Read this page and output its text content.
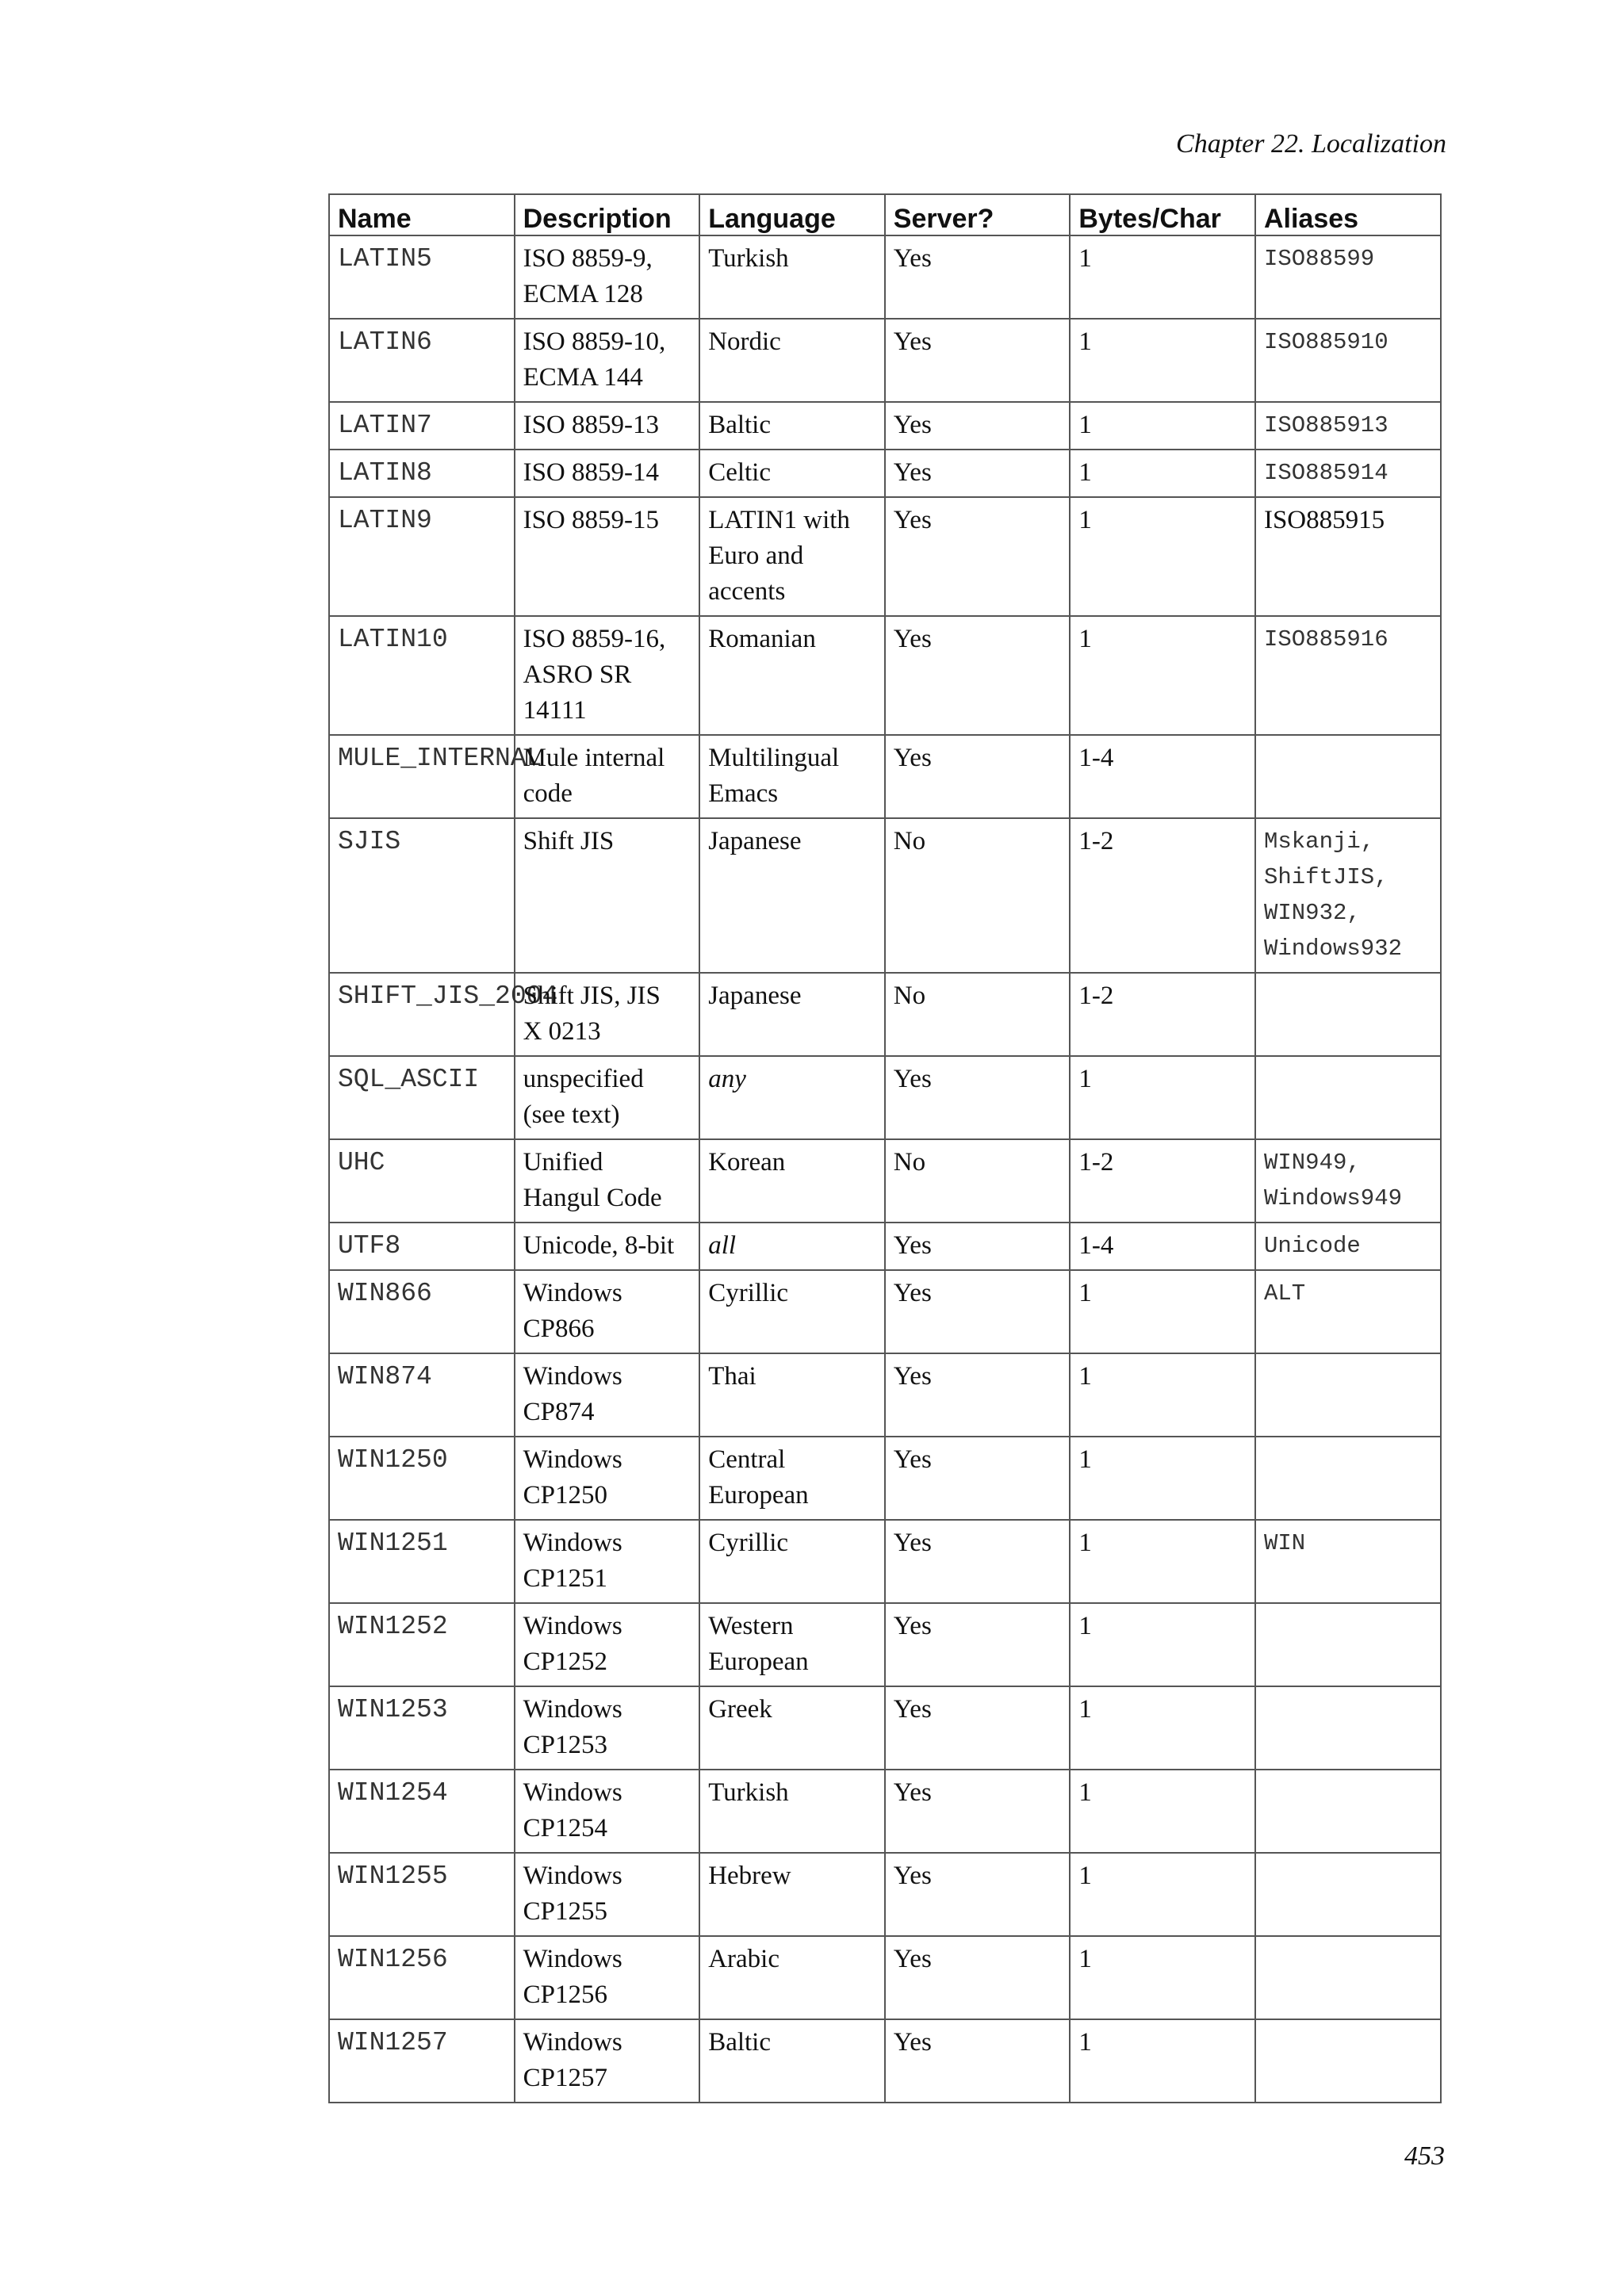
Chapter 22. Localization
Name	Description	Language	Server?	Bytes/Char	Aliases
LATIN5	ISO 8859-9,
ECMA 128	Turkish	Yes	1	ISO88599

LATIN6	ISO 8859-10,
ECMA 144	Nordic	Yes	1	ISO885910

LATIN7	ISO 8859-13	Baltic	Yes	1	ISO885913

LATIN8	ISO 8859-14	Celtic	Yes	1	ISO885914

LATIN9	ISO 8859-15	LATIN1 with
Euro and
accents	Yes	1	ISO885915

LATIN10	ISO 8859-16,
ASRO SR
14111	Romanian	Yes	1	ISO885916

MULE_INTERNAL	Mule internal
code	Multilingual
Emacs	Yes	1-4	
SJIS	Shift JIS	Japanese	No	1-2	Mskanji,
ShiftJIS,
WIN932,
Windows932

SHIFT_JIS_2004	Shift JIS, JIS
X 0213	Japanese	No	1-2	
SQL_ASCII	unspecified
(see text)	any	Yes	1	
UHC	Unified
Hangul Code	Korean	No	1-2	WIN949,
Windows949

UTF8	Unicode, 8-bit	all	Yes	1-4	Unicode

WIN866	Windows
CP866	Cyrillic	Yes	1	ALT

WIN874	Windows
CP874	Thai	Yes	1	
WIN1250	Windows
CP1250	Central
European	Yes	1	
WIN1251	Windows
CP1251	Cyrillic	Yes	1	WIN

WIN1252	Windows
CP1252	Western
European	Yes	1	
WIN1253	Windows
CP1253	Greek	Yes	1	
WIN1254	Windows
CP1254	Turkish	Yes	1	
WIN1255	Windows
CP1255	Hebrew	Yes	1	
WIN1256	Windows
CP1256	Arabic	Yes	1	
WIN1257	Windows
CP1257	Baltic	Yes	1	
453
